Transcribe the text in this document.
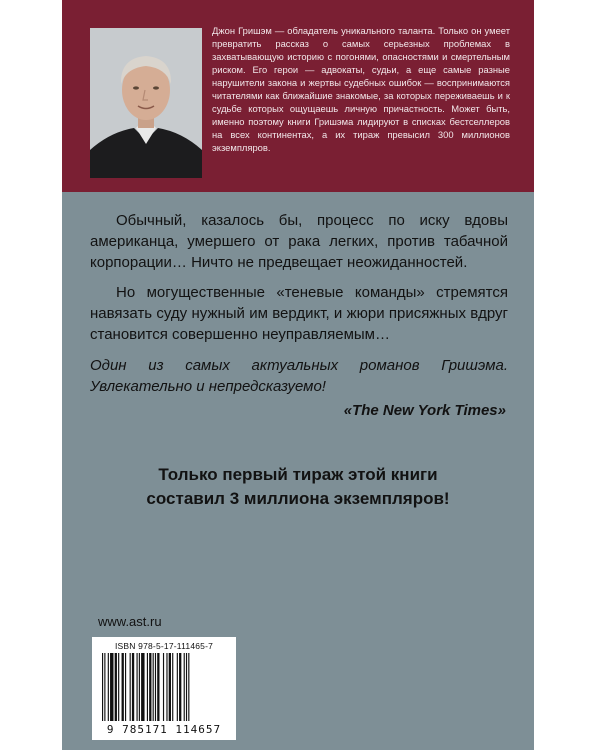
Джон Гришэм — обладатель уникального таланта. Только он умеет превратить рассказ о самых серьезных проблемах в захватывающую историю с погонями, опасностями и смертельным риском. Его герои — адвокаты, судьи, а еще самые разные нарушители закона и жертвы судебных ошибок — воспринимаются читателями как ближайшие знакомые, за которых переживаешь и к судьбе которых ощущаешь личную причастность. Может быть, именно поэтому книги Гришэма лидируют в списках бестселлеров на всех континентах, а их тираж превысил 300 миллионов экземпляров.

Обычный, казалось бы, процесс по иску вдовы американца, умершего от рака легких, против табачной корпорации… Ничто не предвещает неожиданностей.

Но могущественные «теневые команды» стремятся навязать суду нужный им вердикт, и жюри присяжных вдруг становится совершенно неуправляемым…

Один из самых актуальных романов Гришэма. Увлекательно и непредсказуемо!

«The New York Times»

Только первый тираж этой книги
составил 3 миллиона экземпляров!

www.ast.ru
ISBN 978-5-17-111465-7
9 785171 114657
